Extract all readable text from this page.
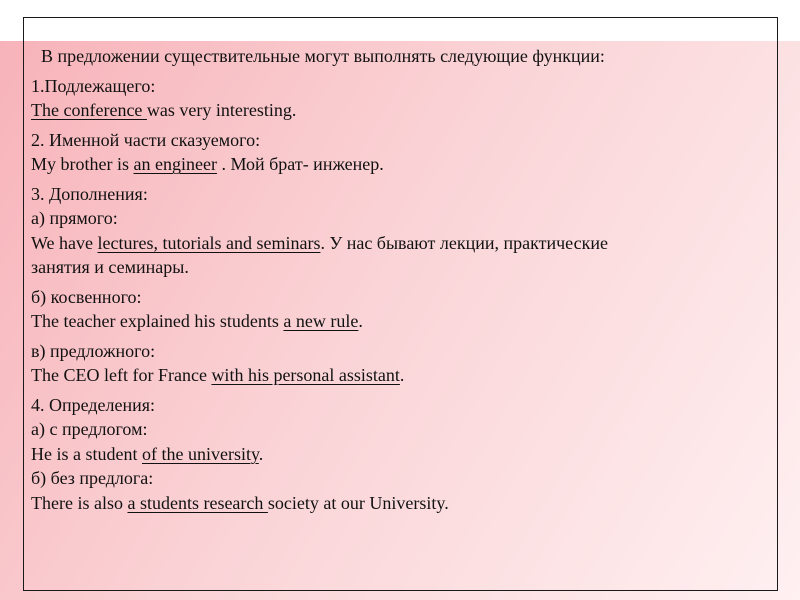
В предложении существительные могут выполнять следующие функции:

1.Подлежащего:
The conference was very interesting.

2. Именной части сказуемого:
My brother is an engineer . Мой брат- инженер.

3. Дополнения:
а) прямого:
We have lectures, tutorials and seminars. У нас бывают лекции, практические
занятия и семинары.

б) косвенного:
The teacher explained his students a new rule.

в) предложного:
The CEO left for France with his personal assistant.

4. Определения:
а) с предлогом:
He is a student of the university.
б) без предлога:
There is also a students research society at our University.
